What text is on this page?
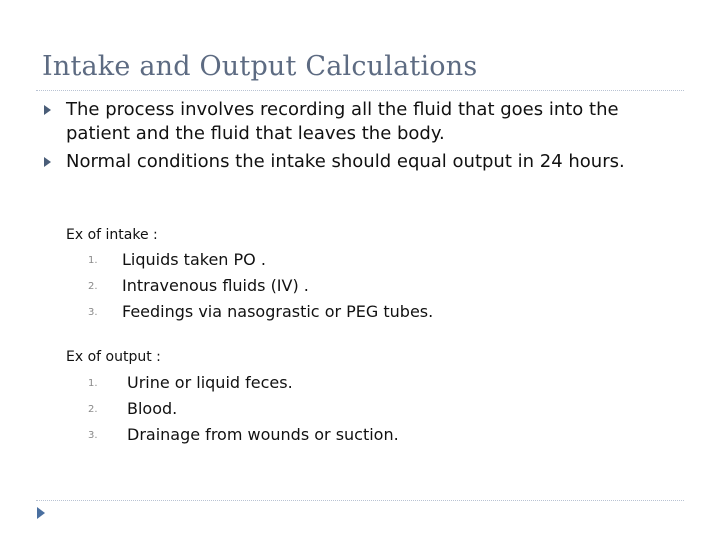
Intake and Output Calculations
The process involves recording all the fluid that goes into the patient and the fluid that leaves the body.
Normal conditions the intake should equal output in 24 hours.
Ex of intake :
1. Liquids taken PO .
2. Intravenous fluids (IV) .
3. Feedings via nasograstic or PEG tubes.
Ex of output :
1. Urine or liquid feces.
2. Blood.
3. Drainage from wounds or suction.
